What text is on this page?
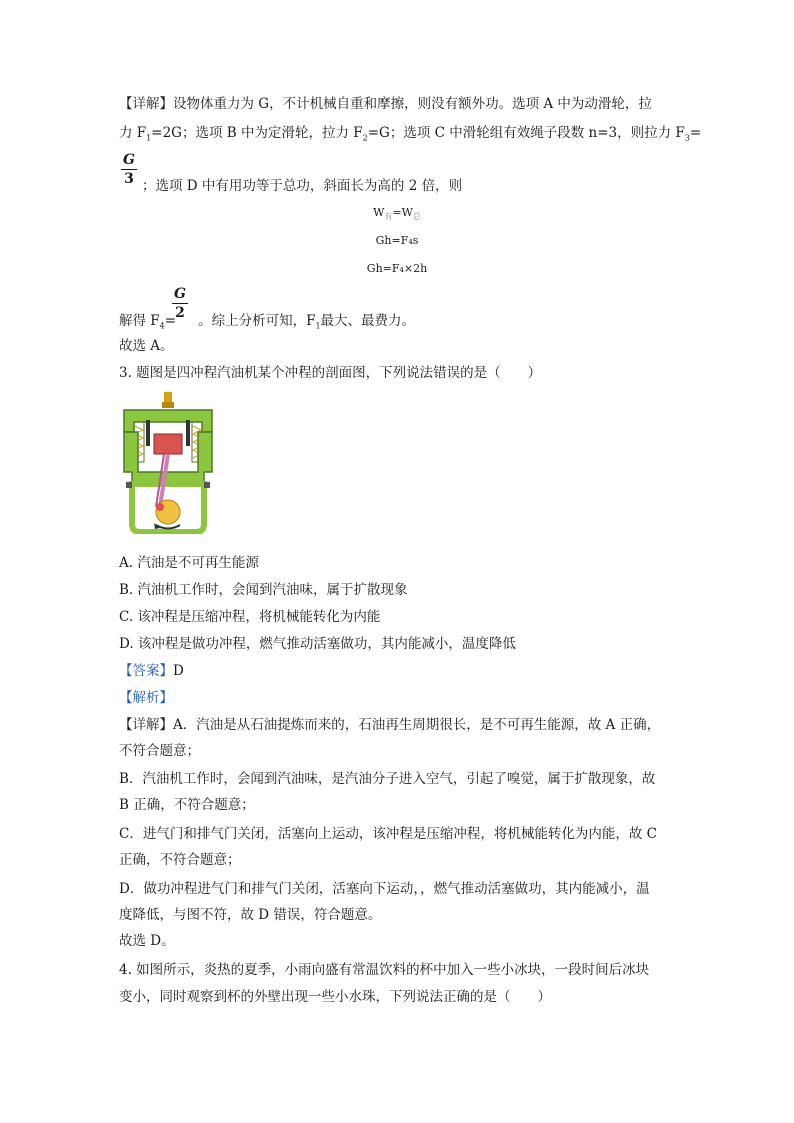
【详解】设物体重力为 G，不计机械自重和摩擦，则没有额外功。选项 A 中为动滑轮，拉
力 $F_1=2G$；选项 B 中为定滑轮，拉力 $F_2=G$；选项 C 中滑轮组有效绳子段数 n=3，则拉力 $F_3=$
G
3 ；选项 D 中有用功等于总功，斜面长为高的 2 倍，则
$W_有=W_总$
Gh=F₄s
Gh=F₄×2h
G
2
解得 $F_4=$ 。综上分析可知，$F_1$最大、最费力。
故选 A。
3. 题图是四冲程汽油机某个冲程的剖面图，下列说法错误的是（　　）
A. 汽油是不可再生能源
B. 汽油机工作时，会闻到汽油味，属于扩散现象
C. 该冲程是压缩冲程，将机械能转化为内能
D. 该冲程是做功冲程，燃气推动活塞做功，其内能减小，温度降低
【答案】D
【解析】
【详解】A．汽油是从石油提炼而来的，石油再生周期很长，是不可再生能源，故 A 正确，
不符合题意；
B．汽油机工作时，会闻到汽油味，是汽油分子进入空气，引起了嗅觉，属于扩散现象，故
B 正确，不符合题意；
C．进气门和排气门关闭，活塞向上运动，该冲程是压缩冲程，将机械能转化为内能，故 C
正确，不符合题意；
D．做功冲程进气门和排气门关闭，活塞向下运动，，燃气推动活塞做功，其内能减小，温
度降低，与图不符，故 D 错误，符合题意。
故选 D。
4. 如图所示，炎热的夏季，小雨向盛有常温饮料的杯中加入一些小冰块，一段时间后冰块
变小，同时观察到杯的外壁出现一些小水珠，下列说法正确的是（　　）
